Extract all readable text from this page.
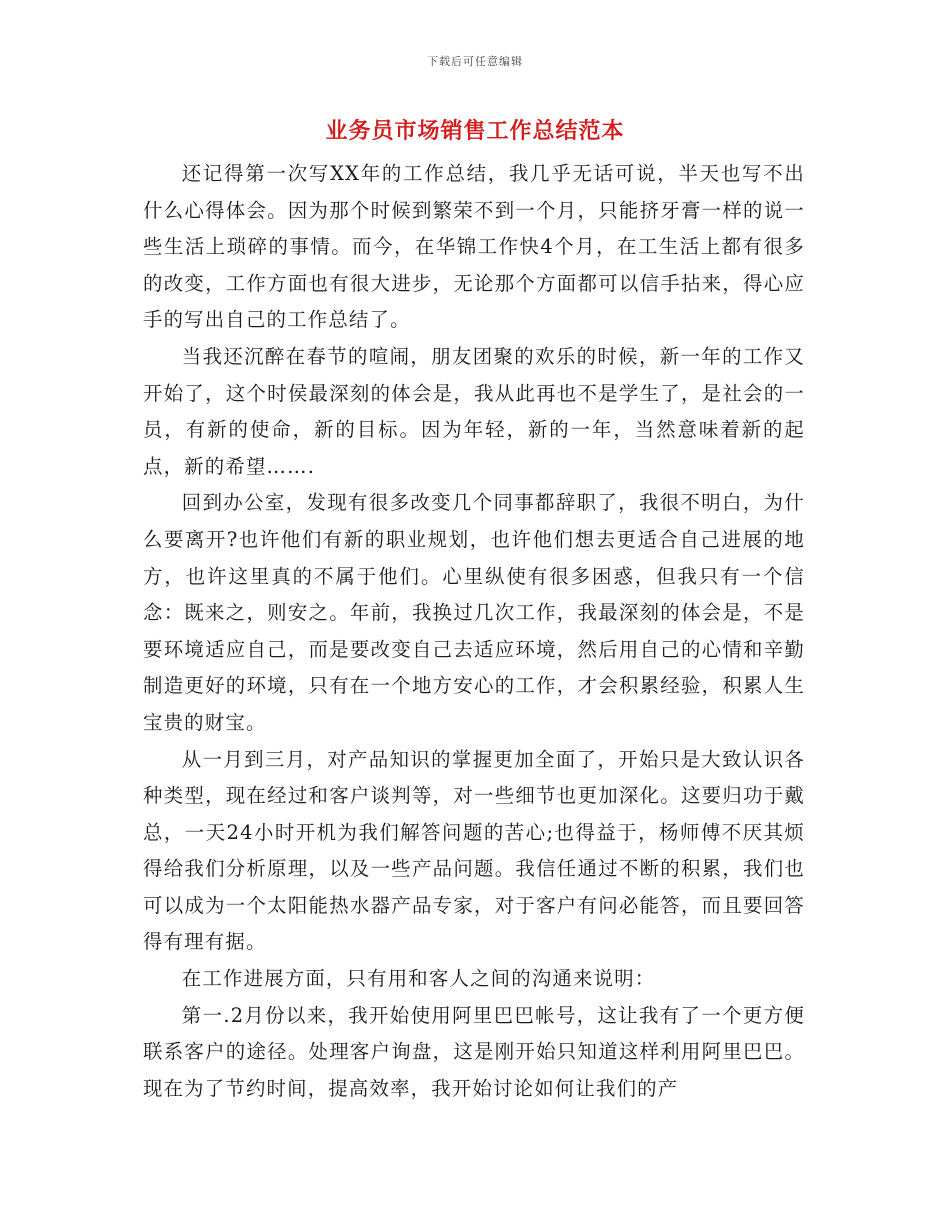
下载后可任意编辑
业务员市场销售工作总结范本

还记得第一次写XX年的工作总结，我几乎无话可说，半天也写不出什么心得体会。因为那个时候到繁荣不到一个月，只能挤牙膏一样的说一些生活上琐碎的事情。而今，在华锦工作快4个月，在工生活上都有很多的改变，工作方面也有很大进步，无论那个方面都可以信手拈来，得心应手的写出自己的工作总结了。

当我还沉醉在春节的喧闹，朋友团聚的欢乐的时候，新一年的工作又开始了，这个时侯最深刻的体会是，我从此再也不是学生了，是社会的一员，有新的使命，新的目标。因为年轻，新的一年，当然意味着新的起点，新的希望…….

回到办公室，发现有很多改变几个同事都辞职了，我很不明白，为什么要离开?也许他们有新的职业规划，也许他们想去更适合自己进展的地方，也许这里真的不属于他们。心里纵使有很多困惑，但我只有一个信念：既来之，则安之。年前，我换过几次工作，我最深刻的体会是，不是要环境适应自己，而是要改变自己去适应环境，然后用自己的心情和辛勤制造更好的环境，只有在一个地方安心的工作，才会积累经验，积累人生宝贵的财宝。

从一月到三月，对产品知识的掌握更加全面了，开始只是大致认识各种类型，现在经过和客户谈判等，对一些细节也更加深化。这要归功于戴总，一天24小时开机为我们解答问题的苦心;也得益于，杨师傅不厌其烦得给我们分析原理，以及一些产品问题。我信任通过不断的积累，我们也可以成为一个太阳能热水器产品专家，对于客户有问必能答，而且要回答得有理有据。

在工作进展方面，只有用和客人之间的沟通来说明：

第一.2月份以来，我开始使用阿里巴巴帐号，这让我有了一个更方便联系客户的途径。处理客户询盘，这是刚开始只知道这样利用阿里巴巴。现在为了节约时间，提高效率，我开始讨论如何让我们的产
